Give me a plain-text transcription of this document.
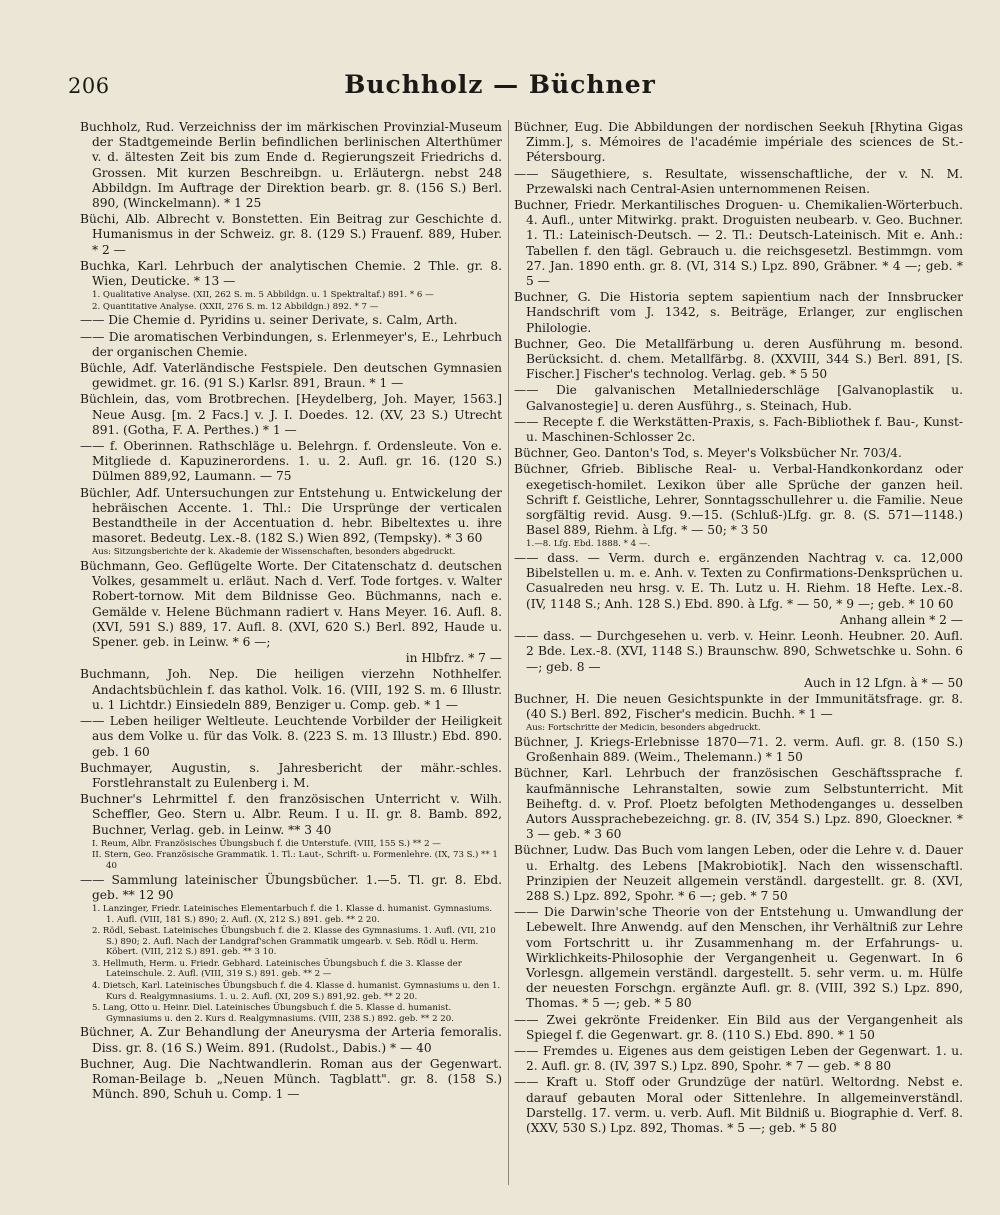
206	Buchholz — Büchner

Buchholz, Rud. Verzeichniss der im märkischen Provinzial-Museum der Stadtgemeinde Berlin befindlichen berlinischen Alterthümer v. d. ältesten Zeit bis zum Ende d. Regierungszeit Friedrichs d. Grossen. Mit kurzen Beschreibgn. u. Erläutergn. nebst 248 Abbildgn. Im Auftrage der Direktion bearb. gr. 8. (156 S.) Berl. 890, (Winckelmann). * 1 25

Büchi, Alb. Albrecht v. Bonstetten. Ein Beitrag zur Geschichte d. Humanismus in der Schweiz. gr. 8. (129 S.) Frauenf. 889, Huber. * 2 —

Buchka, Karl. Lehrbuch der analytischen Chemie. 2 Thle. gr. 8. Wien, Deuticke. * 13 —

1. Qualitative Analyse. (XII, 262 S. m. 5 Abbildgn. u. 1 Spektraltaf.) 891. * 6 —

2. Quantitative Analyse. (XXII, 276 S. m. 12 Abbildgn.) 892. * 7 —

—— Die Chemie d. Pyridins u. seiner Derivate, s. Calm, Arth.

—— Die aromatischen Verbindungen, s. Erlenmeyer's, E., Lehrbuch der organischen Chemie.

Büchle, Adf. Vaterländische Festspiele. Den deutschen Gymnasien gewidmet. gr. 16. (91 S.) Karlsr. 891, Braun. * 1 —

Büchlein, das, vom Brotbrechen. [Heydelberg, Joh. Mayer, 1563.] Neue Ausg. [m. 2 Facs.] v. J. I. Doedes. 12. (XV, 23 S.) Utrecht 891. (Gotha, F. A. Perthes.) * 1 —

—— f. Oberinnen. Rathschläge u. Belehrgn. f. Ordensleute. Von e. Mitgliede d. Kapuzinerordens. 1. u. 2. Aufl. gr. 16. (120 S.) Dülmen 889,92, Laumann. — 75

Büchler, Adf. Untersuchungen zur Entstehung u. Entwickelung der hebräischen Accente. 1. Thl.: Die Ursprünge der verticalen Bestandtheile in der Accentuation d. hebr. Bibeltextes u. ihre masoret. Bedeutg. Lex.-8. (182 S.) Wien 892, (Tempsky). * 3 60

Aus: Sitzungsberichte der k. Akademie der Wissenschaften, besonders abgedruckt.

Büchmann, Geo. Geflügelte Worte. Der Citatenschatz d. deutschen Volkes, gesammelt u. erläut. Nach d. Verf. Tode fortges. v. Walter Robert-tornow. Mit dem Bildnisse Geo. Büchmanns, nach e. Gemälde v. Helene Büchmann radiert v. Hans Meyer. 16. Aufl. 8. (XVI, 591 S.) 889, 17. Aufl. 8. (XVI, 620 S.) Berl. 892, Haude u. Spener. geb. in Leinw. * 6 —;

in Hlbfrz. * 7 —

Buchmann, Joh. Nep. Die heiligen vierzehn Nothhelfer. Andachtsbüchlein f. das kathol. Volk. 16. (VIII, 192 S. m. 6 Illustr. u. 1 Lichtdr.) Einsiedeln 889, Benziger u. Comp. geb. * 1 —

—— Leben heiliger Weltleute. Leuchtende Vorbilder der Heiligkeit aus dem Volke u. für das Volk. 8. (223 S. m. 13 Illustr.) Ebd. 890. geb. 1 60

Buchmayer, Augustin, s. Jahresbericht der mähr.-schles. Forstlehranstalt zu Eulenberg i. M.

Buchner's Lehrmittel f. den französischen Unterricht v. Wilh. Scheffler, Geo. Stern u. Albr. Reum. I u. II. gr. 8. Bamb. 892, Buchner, Verlag. geb. in Leinw. ** 3 40

I. Reum, Albr. Französisches Übungsbuch f. die Unterstufe. (VIII, 155 S.) ** 2 —

II. Stern, Geo. Französische Grammatik. 1. Tl.: Laut-, Schrift- u. Formenlehre. (IX, 73 S.) ** 1 40

—— Sammlung lateinischer Übungsbücher. 1.—5. Tl. gr. 8. Ebd. geb. ** 12 90

1. Lanzinger, Friedr. Lateinisches Elementarbuch f. die 1. Klasse d. humanist. Gymnasiums. 1. Aufl. (VIII, 181 S.) 890; 2. Aufl. (X, 212 S.) 891. geb. ** 2 20.

2. Rödl, Sebast. Lateinisches Übungsbuch f. die 2. Klasse des Gymnasiums. 1. Aufl. (VII, 210 S.) 890; 2. Aufl. Nach der Landgraf'schen Grammatik umgearb. v. Seb. Rödl u. Herm. Köbert. (VIII, 212 S.) 891. geb. ** 3 10.

3. Hellmuth, Herm. u. Friedr. Gebhard. Lateinisches Übungsbuch f. die 3. Klasse der Lateinschule. 2. Aufl. (VIII, 319 S.) 891. geb. ** 2 —

4. Dietsch, Karl. Lateinisches Übungsbuch f. die 4. Klasse d. humanist. Gymnasiums u. den 1. Kurs d. Realgymnasiums. 1. u. 2. Aufl. (XI, 209 S.) 891,92. geb. ** 2 20.

5. Lang, Otto u. Heinr. Diel. Lateinisches Übungsbuch f. die 5. Klasse d. humanist. Gymnasiums u. den 2. Kurs d. Realgymnasiums. (VIII, 238 S.) 892. geb. ** 2 20.

Büchner, A. Zur Behandlung der Aneurysma der Arteria femoralis. Diss. gr. 8. (16 S.) Weim. 891. (Rudolst., Dabis.) * — 40

Buchner, Aug. Die Nachtwandlerin. Roman aus der Gegenwart. Roman-Beilage b. „Neuen Münch. Tagblatt". gr. 8. (158 S.) Münch. 890, Schuh u. Comp. 1 —

Büchner, Eug. Die Abbildungen der nordischen Seekuh [Rhytina Gigas Zimm.], s. Mémoires de l'académie impériale des sciences de St.-Pétersbourg.

—— Säugethiere, s. Resultate, wissenschaftliche, der v. N. M. Przewalski nach Central-Asien unternommenen Reisen.

Buchner, Friedr. Merkantilisches Droguen- u. Chemikalien-Wörterbuch. 4. Aufl., unter Mitwirkg. prakt. Droguisten neubearb. v. Geo. Buchner. 1. Tl.: Lateinisch-Deutsch. — 2. Tl.: Deutsch-Lateinisch. Mit e. Anh.: Tabellen f. den tägl. Gebrauch u. die reichsgesetzl. Bestimmgn. vom 27. Jan. 1890 enth. gr. 8. (VI, 314 S.) Lpz. 890, Gräbner. * 4 —; geb. * 5 —

Buchner, G. Die Historia septem sapientium nach der Innsbrucker Handschrift vom J. 1342, s. Beiträge, Erlanger, zur englischen Philologie.

Buchner, Geo. Die Metallfärbung u. deren Ausführung m. besond. Berücksicht. d. chem. Metallfärbg. 8. (XXVIII, 344 S.) Berl. 891, [S. Fischer.] Fischer's technolog. Verlag. geb. * 5 50

—— Die galvanischen Metallniederschläge [Galvanoplastik u. Galvanostegie] u. deren Ausführg., s. Steinach, Hub.

—— Recepte f. die Werkstätten-Praxis, s. Fach-Bibliothek f. Bau-, Kunst- u. Maschinen-Schlosser 2c.

Büchner, Geo. Danton's Tod, s. Meyer's Volksbücher Nr. 703/4.

Büchner, Gfrieb. Biblische Real- u. Verbal-Handkonkordanz oder exegetisch-homilet. Lexikon über alle Sprüche der ganzen heil. Schrift f. Geistliche, Lehrer, Sonntagsschullehrer u. die Familie. Neue sorgfältig revid. Ausg. 9.—15. (Schluß-)Lfg. gr. 8. (S. 571—1148.) Basel 889, Riehm. à Lfg. * — 50; * 3 50

1.—8. Lfg. Ebd. 1888. * 4 —.

—— dass. — Verm. durch e. ergänzenden Nachtrag v. ca. 12,000 Bibelstellen u. m. e. Anh. v. Texten zu Confirmations-Denksprüchen u. Casualreden neu hrsg. v. E. Th. Lutz u. H. Riehm. 18 Hefte. Lex.-8. (IV, 1148 S.; Anh. 128 S.) Ebd. 890. à Lfg. * — 50, * 9 —; geb. * 10 60

Anhang allein * 2 —

—— dass. — Durchgesehen u. verb. v. Heinr. Leonh. Heubner. 20. Aufl. 2 Bde. Lex.-8. (XVI, 1148 S.) Braunschw. 890, Schwetschke u. Sohn. 6 —; geb. 8 —

Auch in 12 Lfgn. à * — 50

Buchner, H. Die neuen Gesichtspunkte in der Immunitätsfrage. gr. 8. (40 S.) Berl. 892, Fischer's medicin. Buchh. * 1 —

Aus: Fortschritte der Medicin, besonders abgedruckt.

Büchner, J. Kriegs-Erlebnisse 1870—71. 2. verm. Aufl. gr. 8. (150 S.) Großenhain 889. (Weim., Thelemann.) * 1 50

Büchner, Karl. Lehrbuch der französischen Geschäftssprache f. kaufmännische Lehranstalten, sowie zum Selbstunterricht. Mit Beiheftg. d. v. Prof. Ploetz befolgten Methodenganges u. desselben Autors Aussprachebezeichng. gr. 8. (IV, 354 S.) Lpz. 890, Gloeckner. * 3 — geb. * 3 60

Büchner, Ludw. Das Buch vom langen Leben, oder die Lehre v. d. Dauer u. Erhaltg. des Lebens [Makrobiotik]. Nach den wissenschaftl. Prinzipien der Neuzeit allgemein verständl. dargestellt. gr. 8. (XVI, 288 S.) Lpz. 892, Spohr. * 6 —; geb. * 7 50

—— Die Darwin'sche Theorie von der Entstehung u. Umwandlung der Lebewelt. Ihre Anwendg. auf den Menschen, ihr Verhältniß zur Lehre vom Fortschritt u. ihr Zusammenhang m. der Erfahrungs- u. Wirklichkeits-Philosophie der Vergangenheit u. Gegenwart. In 6 Vorlesgn. allgemein verständl. dargestellt. 5. sehr verm. u. m. Hülfe der neuesten Forschgn. ergänzte Aufl. gr. 8. (VIII, 392 S.) Lpz. 890, Thomas. * 5 —; geb. * 5 80

—— Zwei gekrönte Freidenker. Ein Bild aus der Vergangenheit als Spiegel f. die Gegenwart. gr. 8. (110 S.) Ebd. 890. * 1 50

—— Fremdes u. Eigenes aus dem geistigen Leben der Gegenwart. 1. u. 2. Aufl. gr. 8. (IV, 397 S.) Lpz. 890, Spohr. * 7 — geb. * 8 80

—— Kraft u. Stoff oder Grundzüge der natürl. Weltordng. Nebst e. darauf gebauten Moral oder Sittenlehre. In allgemeinverständl. Darstellg. 17. verm. u. verb. Aufl. Mit Bildniß u. Biographie d. Verf. 8. (XXV, 530 S.) Lpz. 892, Thomas. * 5 —; geb. * 5 80
